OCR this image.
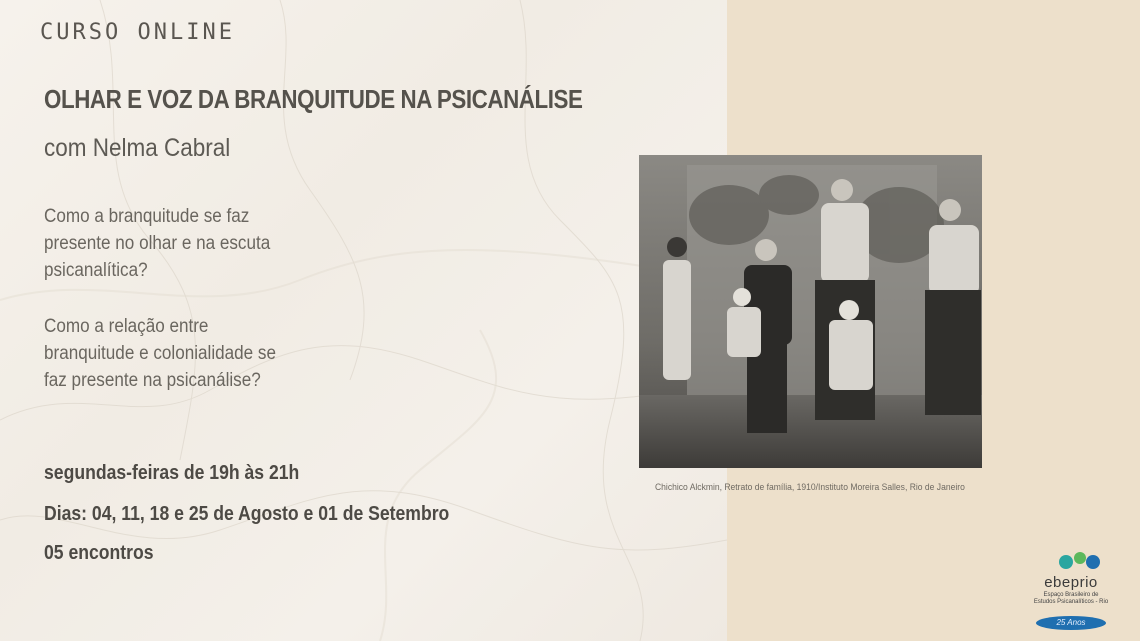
CURSO ONLINE
OLHAR E VOZ DA BRANQUITUDE NA PSICANÁLISE
com Nelma Cabral
Como a branquitude se faz
presente no olhar e na escuta
psicanalítica?
Como a relação entre
branquitude e colonialidade se
faz presente na psicanálise?
segundas-feiras de 19h às 21h
Dias: 04, 11, 18 e 25 de Agosto e 01 de Setembro
05 encontros
Chichico Alckmin, Retrato de família, 1910/Instituto Moreira Salles, Rio de Janeiro
ebeprio
Espaço Brasileiro de
Estudos Psicanalíticos - Rio
25 Anos
